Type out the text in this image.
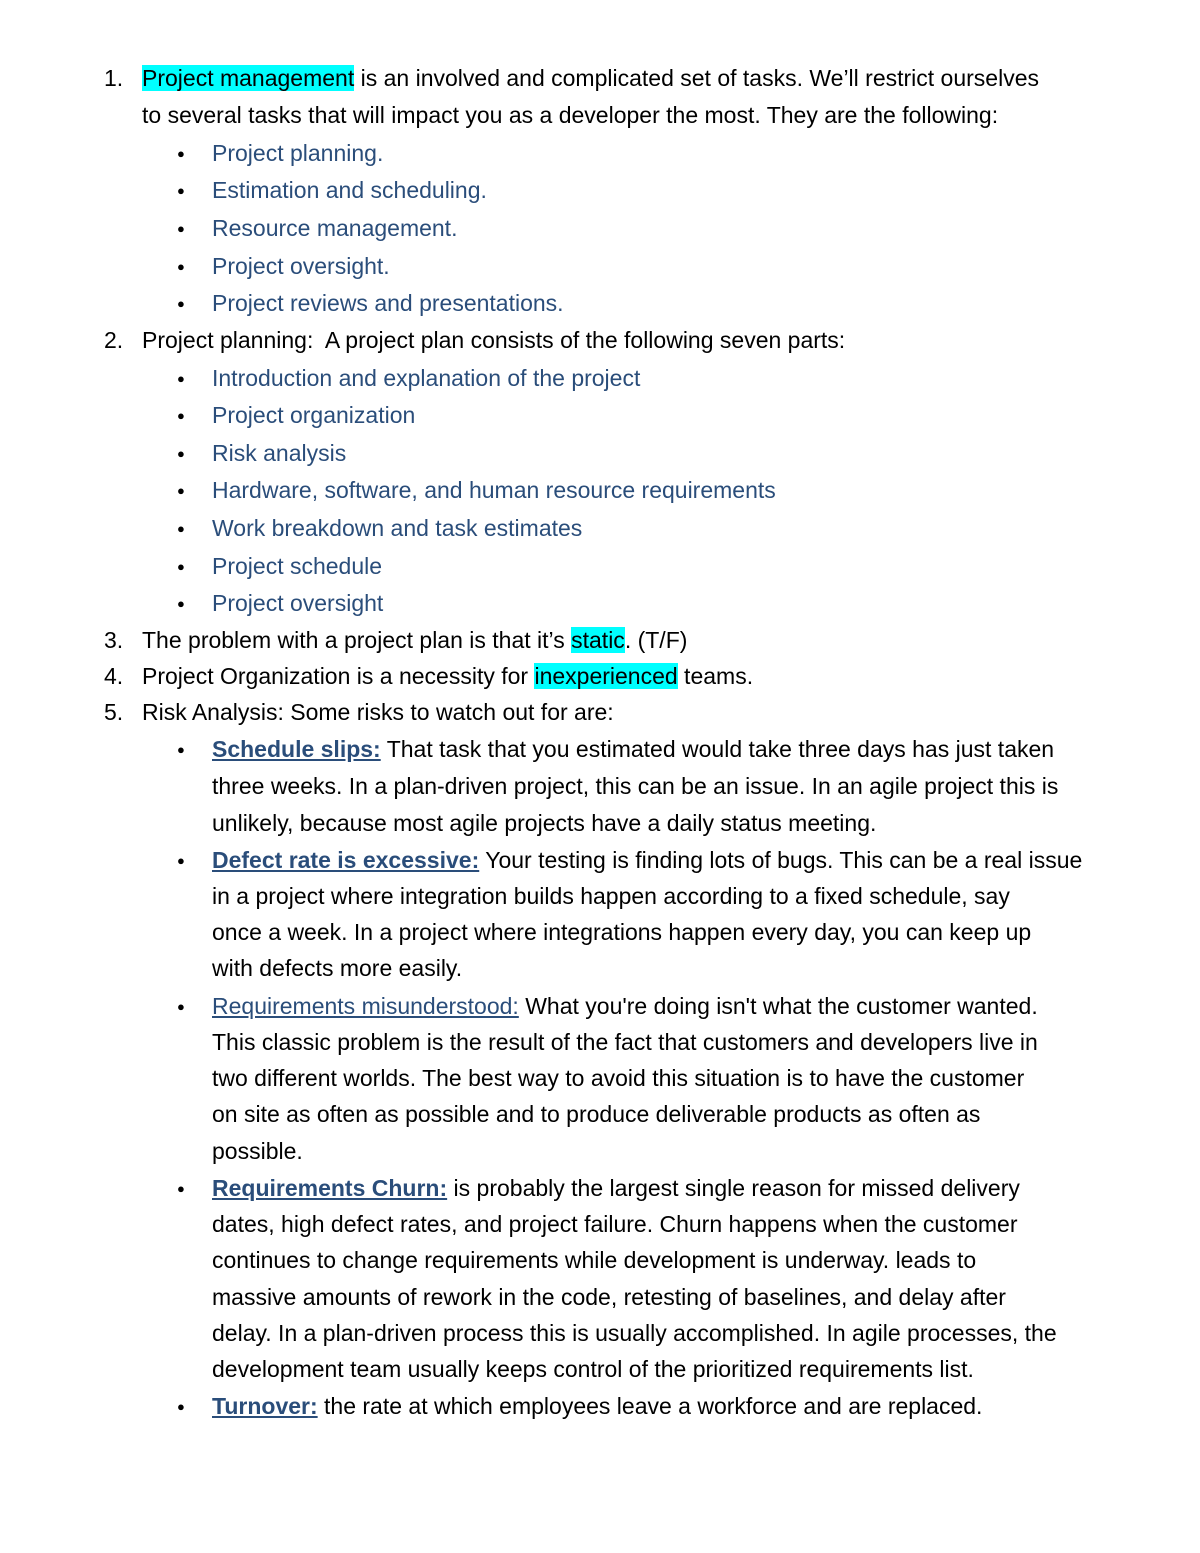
1. Project management is an involved and complicated set of tasks. We’ll restrict ourselves
to several tasks that will impact you as a developer the most. They are the following:
● Project planning.
● Estimation and scheduling.
● Resource management.
● Project oversight.
● Project reviews and presentations.
2. Project planning:  A project plan consists of the following seven parts:
● Introduction and explanation of the project
● Project organization
● Risk analysis
● Hardware, software, and human resource requirements
● Work breakdown and task estimates
● Project schedule
● Project oversight
3. The problem with a project plan is that it’s static. (T/F)
4. Project Organization is a necessity for inexperienced teams.
5. Risk Analysis: Some risks to watch out for are:
● Schedule slips: That task that you estimated would take three days has just taken
three weeks. In a plan-driven project, this can be an issue. In an agile project this is
unlikely, because most agile projects have a daily status meeting.
● Defect rate is excessive: Your testing is finding lots of bugs. This can be a real issue
in a project where integration builds happen according to a fixed schedule, say
once a week. In a project where integrations happen every day, you can keep up
with defects more easily.
● Requirements misunderstood: What you're doing isn't what the customer wanted.
This classic problem is the result of the fact that customers and developers live in
two different worlds. The best way to avoid this situation is to have the customer
on site as often as possible and to produce deliverable products as often as
possible.
● Requirements Churn: is probably the largest single reason for missed delivery
dates, high defect rates, and project failure. Churn happens when the customer
continues to change requirements while development is underway. leads to
massive amounts of rework in the code, retesting of baselines, and delay after
delay. In a plan-driven process this is usually accomplished. In agile processes, the
development team usually keeps control of the prioritized requirements list.
● Turnover: the rate at which employees leave a workforce and are replaced.
